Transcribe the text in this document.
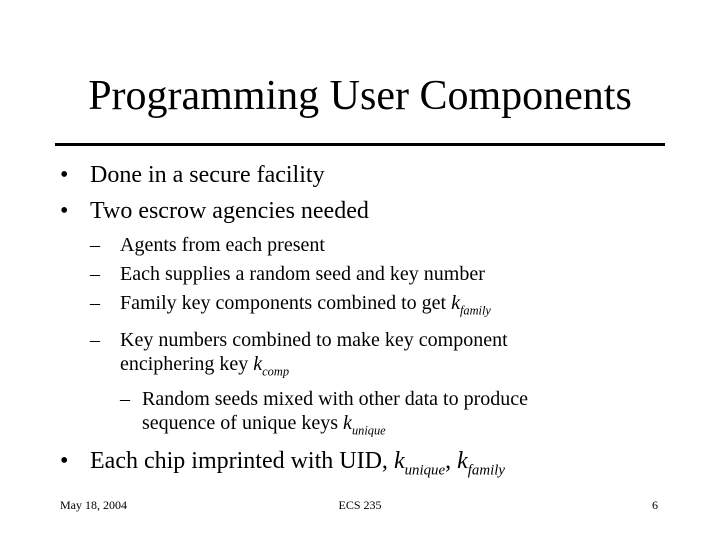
Programming User Components
• Done in a secure facility
• Two escrow agencies needed
–	Agents from each present
–	Each supplies a random seed and key number
–	Family key components combined to get $k_{family}$
–	Key numbers combined to make key component
enciphering key $k_{comp}$
– Random seeds mixed with other data to produce
sequence of unique keys $k_{unique}$
• Each chip imprinted with UID, $k_{unique}$, $k_{family}$
May 18, 2004	ECS 235	6
